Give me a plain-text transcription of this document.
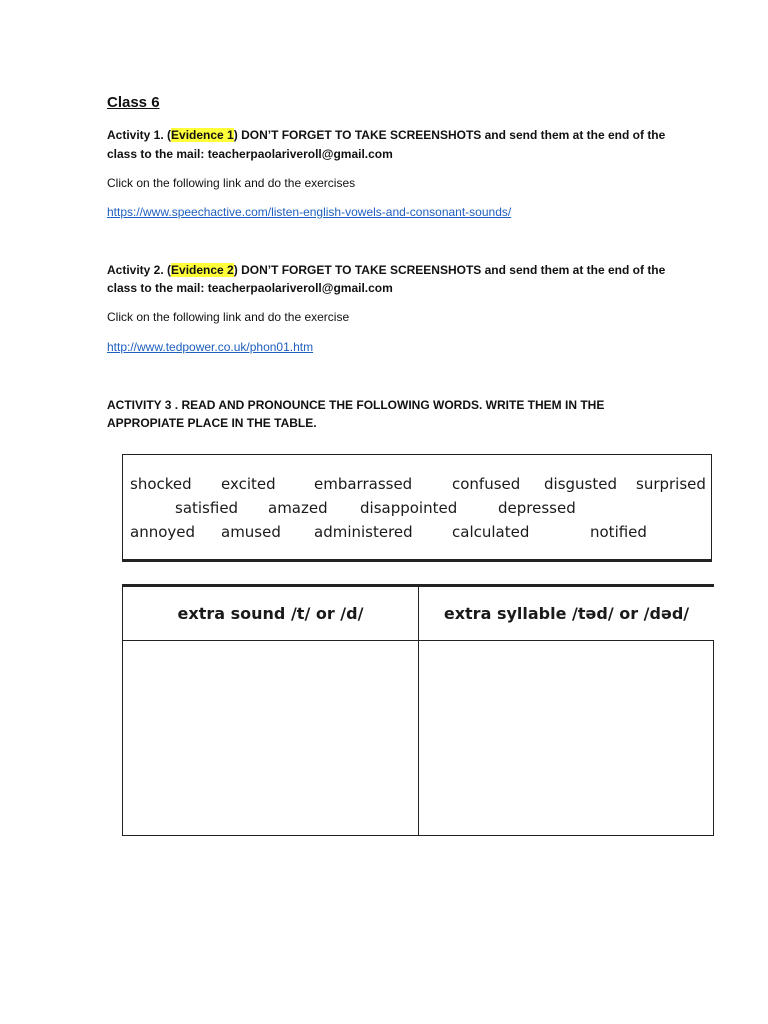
Class 6
Activity 1. (Evidence 1) DON’T FORGET TO TAKE SCREENSHOTS and send them at the end of the
class to the mail: teacherpaolariveroll@gmail.com
Click on the following link and do the exercises
https://www.speechactive.com/listen-english-vowels-and-consonant-sounds/
Activity 2. (Evidence 2) DON’T FORGET TO TAKE SCREENSHOTS and send them at the end of the
class to the mail: teacherpaolariveroll@gmail.com
Click on the following link and do the exercise
http://www.tedpower.co.uk/phon01.htm
ACTIVITY 3 . READ AND PRONOUNCE THE FOLLOWING WORDS. WRITE THEM IN THE
APPROPIATE PLACE IN THE TABLE.
shocked excited	embarrassed	confused disgusted surprised
satisfied amazed disappointed	depressed
annoyed amused administered	calculated	notified
extra sound /t/ or /d/	extra syllable /təd/ or /dəd/
